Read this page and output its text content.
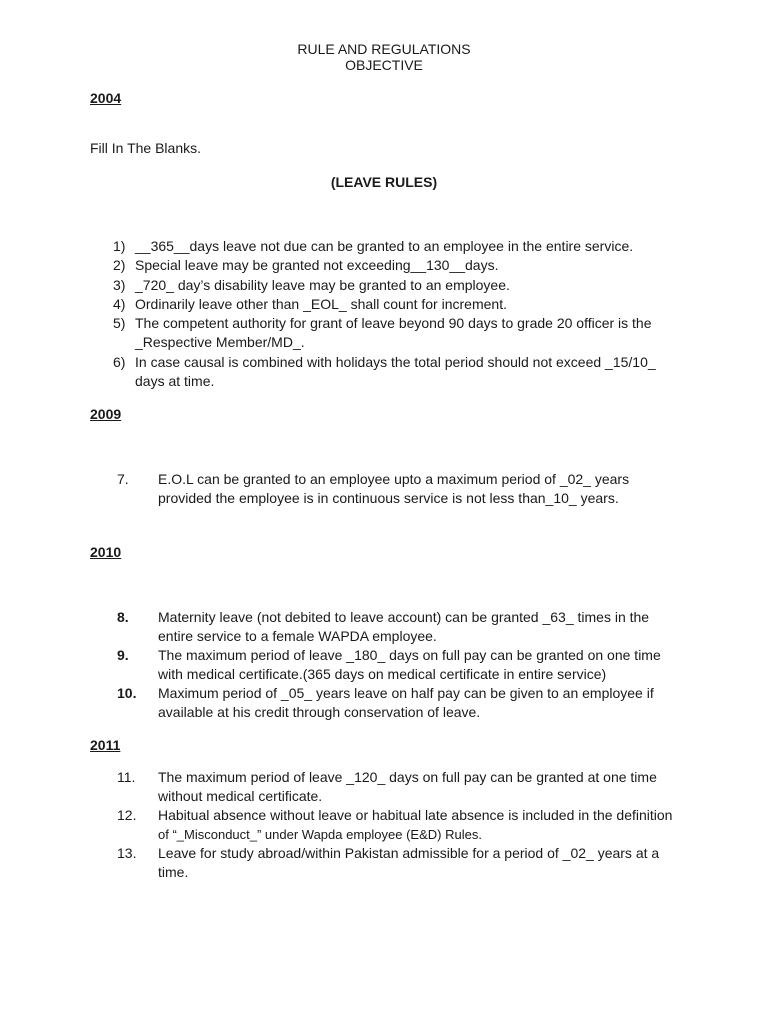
RULE AND REGULATIONS
OBJECTIVE
2004
Fill In The Blanks.
(LEAVE RULES)
1) __365__days leave not due can be granted to an employee in the entire service.
2) Special leave may be granted not exceeding__130__days.
3) _720_ day’s disability leave may be granted to an employee.
4) Ordinarily leave other than _EOL_ shall count for increment.
5) The competent authority for grant of leave beyond 90 days to grade 20 officer is the
_Respective Member/MD_.
6) In case causal is combined with holidays the total period should not exceed _15/10_
days at time.
2009
7. E.O.L can be granted to an employee upto a maximum period of _02_ years
provided the employee is in continuous service is not less than_10_ years.
2010
8. Maternity leave (not debited to leave account) can be granted _63_ times in the
entire service to a female WAPDA employee.
9. The maximum period of leave _180_ days on full pay can be granted on one time
with medical certificate.(365 days on medical certificate in entire service)
10. Maximum period of _05_ years leave on half pay can be given to an employee if
available at his credit through conservation of leave.
2011
11. The maximum period of leave _120_ days on full pay can be granted at one time
without medical certificate.
12. Habitual absence without leave or habitual late absence is included in the definition
of “_Misconduct_” under Wapda employee (E&D) Rules.
13. Leave for study abroad/within Pakistan admissible for a period of _02_ years at a
time.
